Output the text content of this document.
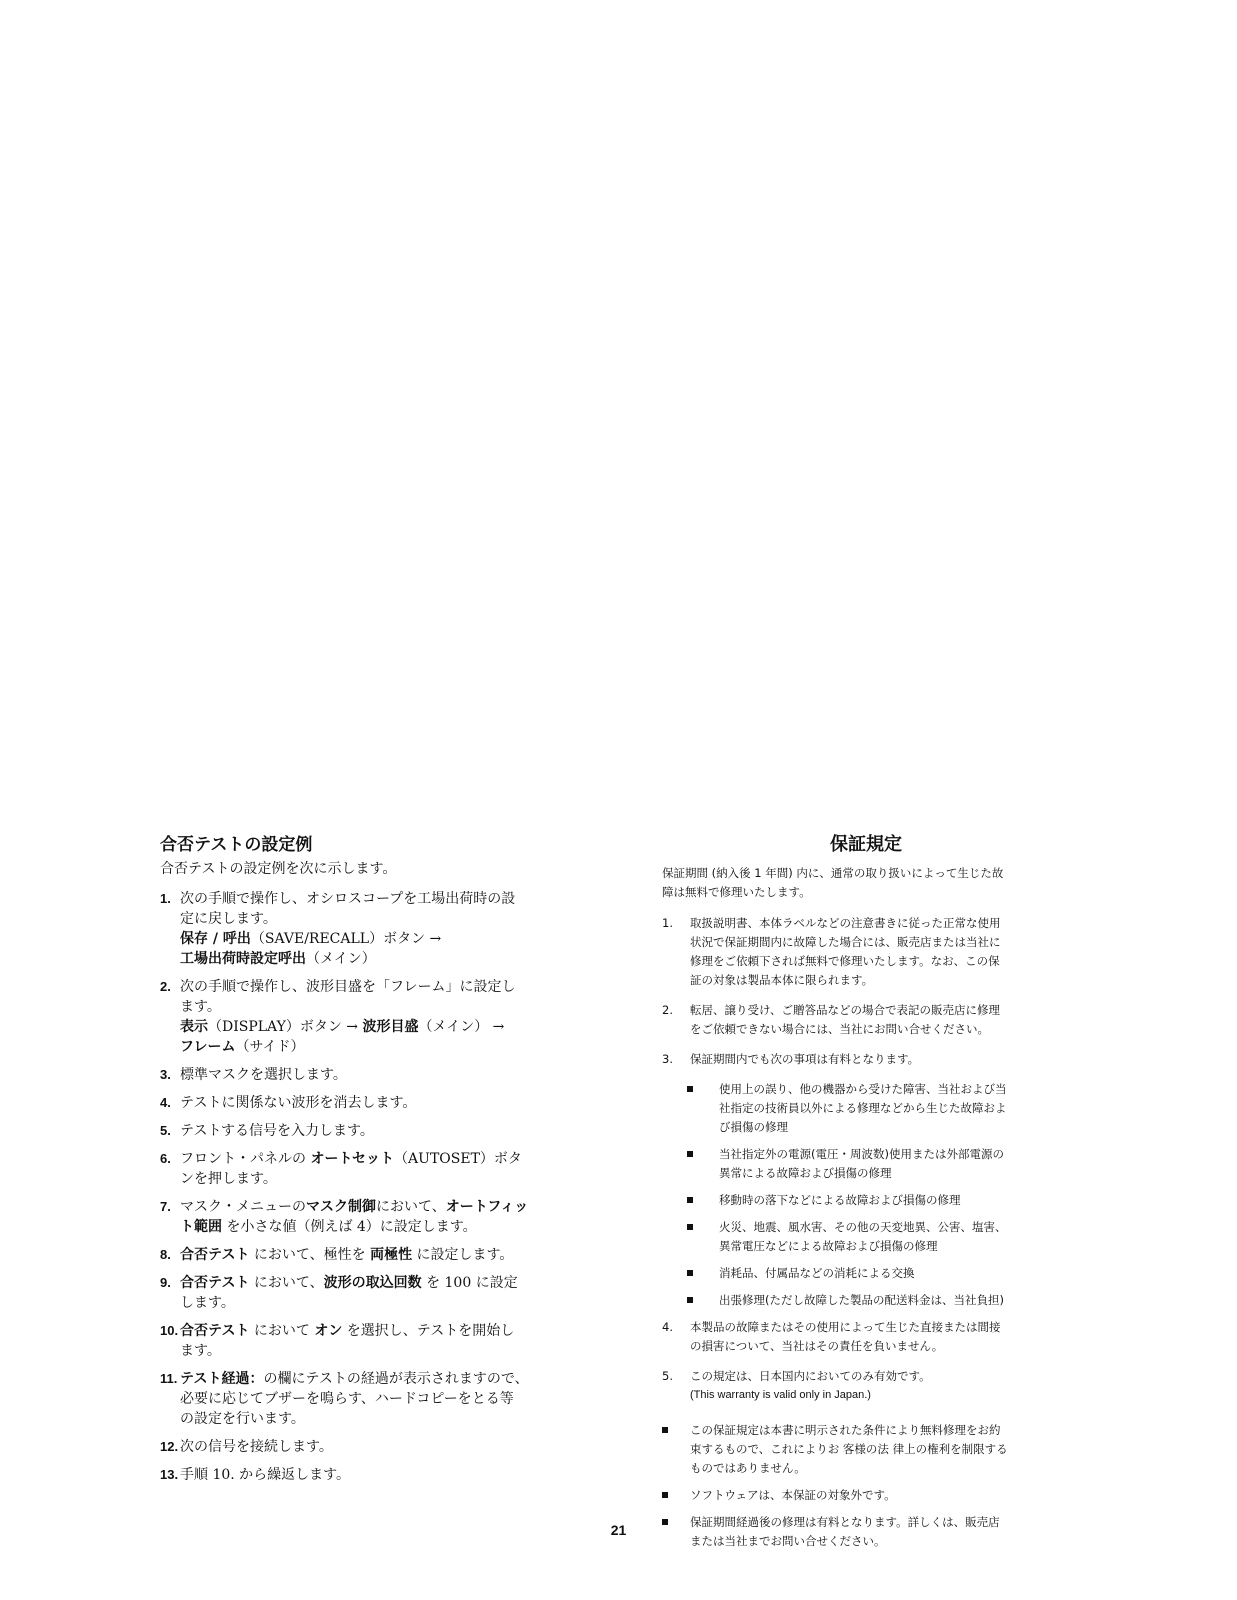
合否テストの設定例

合否テストの設定例を次に示します。

1. 次の手順で操作し、オシロスコープを工場出荷時の設
定に戻します。
保存 / 呼出（SAVE/RECALL）ボタン →
工場出荷時設定呼出（メイン）
2. 次の手順で操作し、波形目盛を「フレーム」に設定し
ます。
表示（DISPLAY）ボタン → 波形目盛（メイン） →
フレーム（サイド）
3. 標準マスクを選択します。
4. テストに関係ない波形を消去します。
5. テストする信号を入力します。
6. フロント・パネルの オートセット（AUTOSET）ボタ
ンを押します。
7. マスク・メニューのマスク制御において、オートフィッ
ト範囲 を小さな値（例えば 4）に設定します。
8. 合否テスト において、極性を 両極性 に設定します。
9. 合否テスト において、波形の取込回数 を 100 に設定
します。
10. 合否テスト において オン を選択し、テストを開始し
ます。
11. テスト経過：の欄にテストの経過が表示されますので、
必要に応じてブザーを鳴らす、ハードコピーをとる等
の設定を行います。
12. 次の信号を接続します。
13. 手順 10. から繰返します。
保証規定

保証期間 (納入後 1 年間) 内に、通常の取り扱いによって生じた故
障は無料で修理いたします。

1. 取扱説明書、本体ラベルなどの注意書きに従った正常な使用
状況で保証期間内に故障した場合には、販売店または当社に
修理をご依頼下されば無料で修理いたします。なお、この保
証の対象は製品本体に限られます。
2. 転居、譲り受け、ご贈答品などの場合で表記の販売店に修理
をご依頼できない場合には、当社にお問い合せください。
3. 保証期間内でも次の事項は有料となります。
使用上の誤り、他の機器から受けた障害、当社および当
社指定の技術員以外による修理などから生じた故障およ
び損傷の修理
当社指定外の電源(電圧・周波数)使用または外部電源の
異常による故障および損傷の修理
移動時の落下などによる故障および損傷の修理
火災、地震、風水害、その他の天変地異、公害、塩害、
異常電圧などによる故障および損傷の修理
消耗品、付属品などの消耗による交換
出張修理(ただし故障した製品の配送料金は、当社負担)
4. 本製品の故障またはその使用によって生じた直接または間接
の損害について、当社はその責任を負いません。
5. この規定は、日本国内においてのみ有効です。
(This warranty is valid only in Japan.)
この保証規定は本書に明示された条件により無料修理をお約
束するもので、これによりお 客様の法 律上の権利を制限する
ものではありません。
ソフトウェアは、本保証の対象外です。
保証期間経過後の修理は有料となります。詳しくは、販売店
または当社までお問い合せください。
21
